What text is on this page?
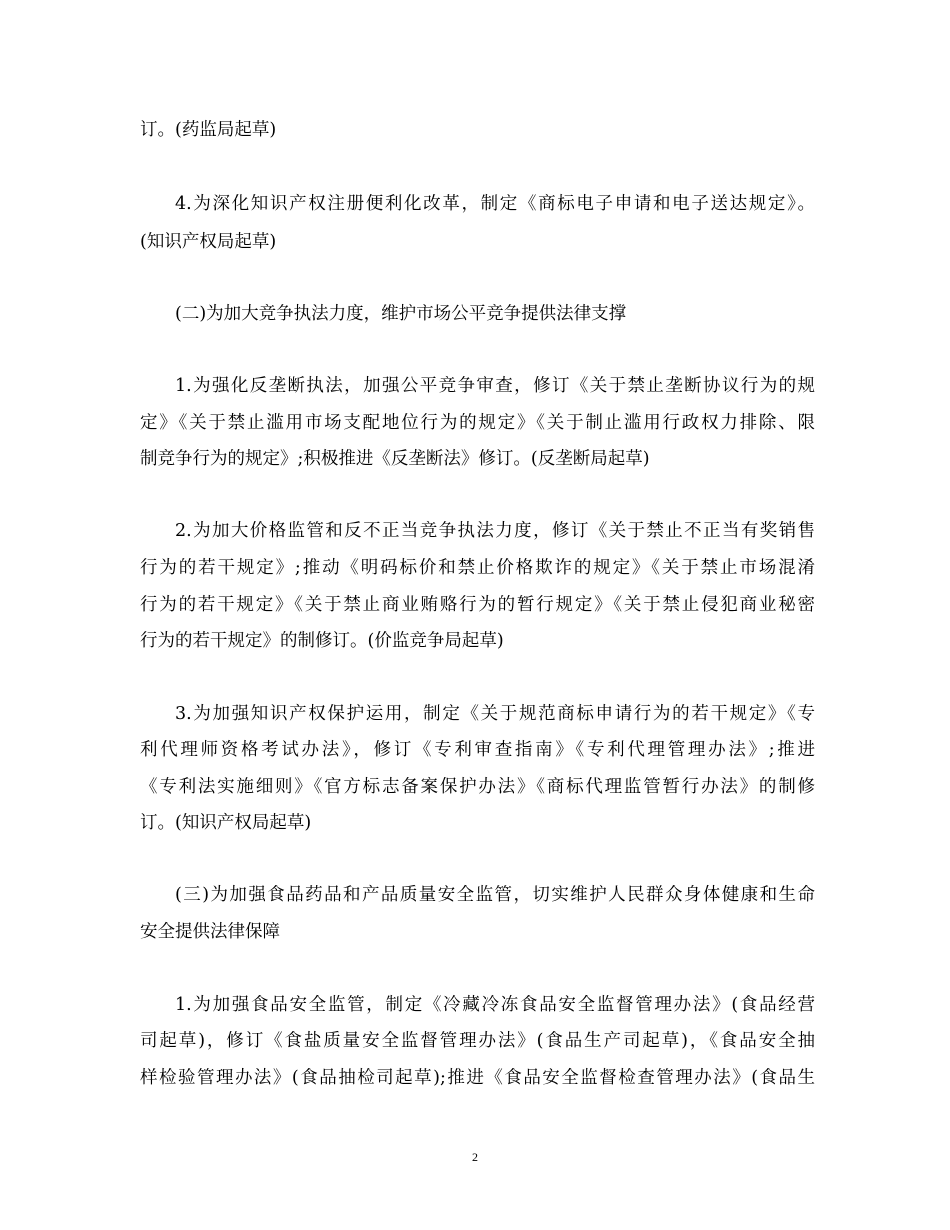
订。(药监局起草)
4.为深化知识产权注册便利化改革，制定《商标电子申请和电子送达规定》。
(知识产权局起草)
(二)为加大竞争执法力度，维护市场公平竞争提供法律支撑
1.为强化反垄断执法，加强公平竞争审查，修订《关于禁止垄断协议行为的规
定》《关于禁止滥用市场支配地位行为的规定》《关于制止滥用行政权力排除、限
制竞争行为的规定》;积极推进《反垄断法》修订。(反垄断局起草)
2.为加大价格监管和反不正当竞争执法力度，修订《关于禁止不正当有奖销售
行为的若干规定》;推动《明码标价和禁止价格欺诈的规定》《关于禁止市场混淆
行为的若干规定》《关于禁止商业贿赂行为的暂行规定》《关于禁止侵犯商业秘密
行为的若干规定》的制修订。(价监竞争局起草)
3.为加强知识产权保护运用，制定《关于规范商标申请行为的若干规定》《专
利代理师资格考试办法》，修订《专利审查指南》《专利代理管理办法》;推进
《专利法实施细则》《官方标志备案保护办法》《商标代理监管暂行办法》的制修
订。(知识产权局起草)
(三)为加强食品药品和产品质量安全监管，切实维护人民群众身体健康和生命
安全提供法律保障
1.为加强食品安全监管，制定《冷藏冷冻食品安全监督管理办法》(食品经营
司起草)，修订《食盐质量安全监督管理办法》(食品生产司起草)，《食品安全抽
样检验管理办法》(食品抽检司起草);推进《食品安全监督检查管理办法》(食品生
2
